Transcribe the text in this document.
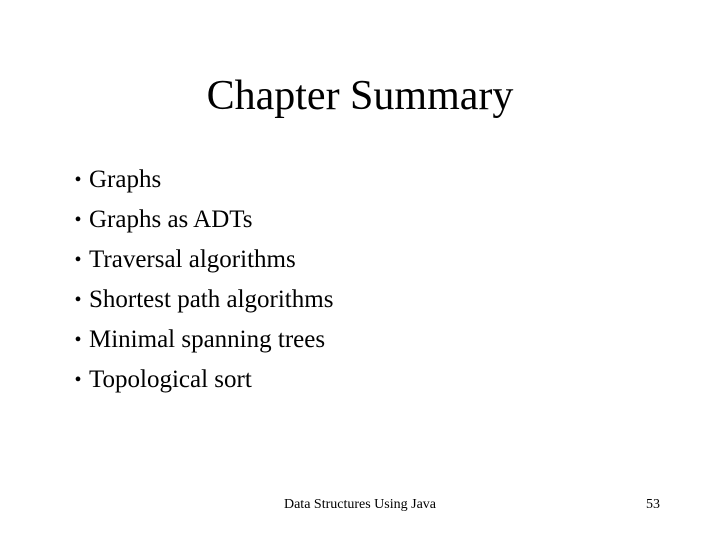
Chapter Summary
• Graphs
• Graphs as ADTs
• Traversal algorithms
• Shortest path algorithms
• Minimal spanning trees
• Topological sort
Data Structures Using Java	53
